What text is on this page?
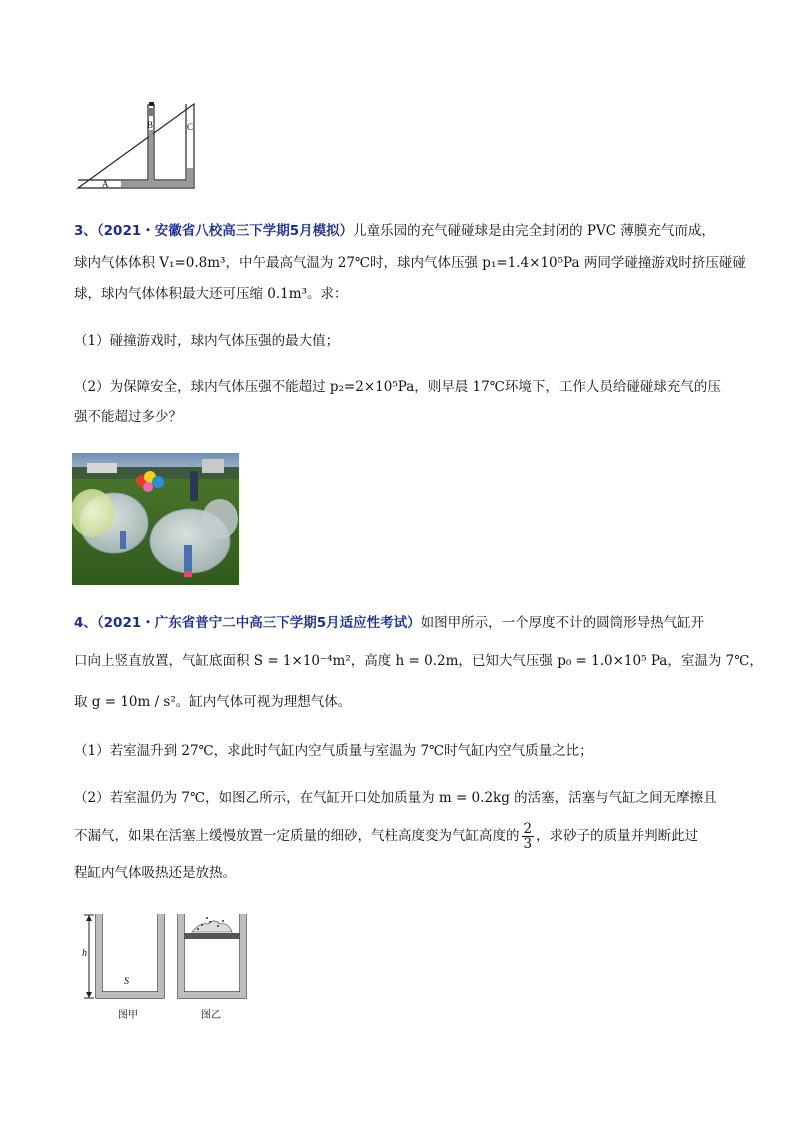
A
B	C
3、（2021・安徽省八校高三下学期5月模拟）儿童乐园的充气碰碰球是由完全封闭的 PVC 薄膜充气而成，
球内气体体积 V₁=0.8m³，中午最高气温为 27℃时，球内气体压强 p₁=1.4×10⁵Pa 两同学碰撞游戏时挤压碰碰
球，球内气体体积最大还可压缩 0.1m³。求：
（1）碰撞游戏时，球内气体压强的最大值；
（2）为保障安全，球内气体压强不能超过 p₂=2×10⁵Pa，则早晨 17℃环境下，工作人员给碰碰球充气的压
强不能超过多少？
4、（2021・广东省普宁二中高三下学期5月适应性考试）如图甲所示，一个厚度不计的圆筒形导热气缸开
口向上竖直放置，气缸底面积 S = 1×10⁻⁴m²，高度 h = 0.2m，已知大气压强 p₀ = 1.0×10⁵ Pa，室温为 7℃，
取 g = 10m / s²。缸内气体可视为理想气体。
（1）若室温升到 27℃，求此时气缸内空气质量与室温为 7℃时气缸内空气质量之比；
（2）若室温仍为 7℃，如图乙所示，在气缸开口处加质量为 m = 0.2kg 的活塞，活塞与气缸之间无摩擦且
不漏气，如果在活塞上缓慢放置一定质量的细砂，气柱高度变为气缸高度的 $\frac{2}{3}$ ，求砂子的质量并判断此过
程缸内气体吸热还是放热。
h
S
图甲	图乙
